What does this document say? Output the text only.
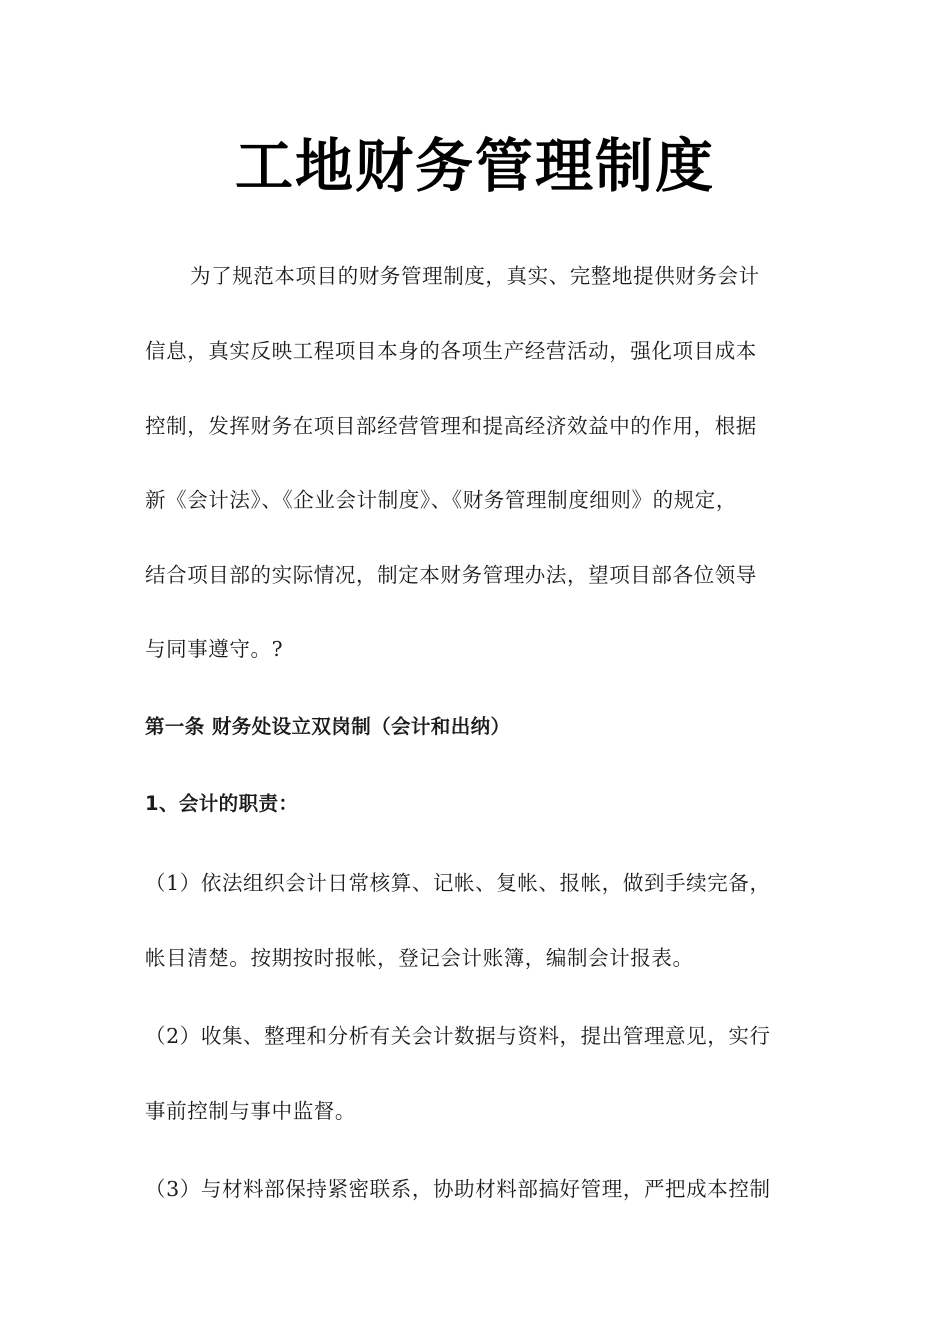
工地财务管理制度
为了规范本项目的财务管理制度，真实、完整地提供财务会计
信息，真实反映工程项目本身的各项生产经营活动，强化项目成本
控制，发挥财务在项目部经营管理和提高经济效益中的作用，根据
新《会计法》、《企业会计制度》、《财务管理制度细则》的规定，
结合项目部的实际情况，制定本财务管理办法，望项目部各位领导
与同事遵守。?
第一条 财务处设立双岗制（会计和出纳）
1、会计的职责：
（1）依法组织会计日常核算、记帐、复帐、报帐，做到手续完备，
帐目清楚。按期按时报帐，登记会计账簿，编制会计报表。
（2）收集、整理和分析有关会计数据与资料，提出管理意见，实行
事前控制与事中监督。
（3）与材料部保持紧密联系，协助材料部搞好管理，严把成本控制
